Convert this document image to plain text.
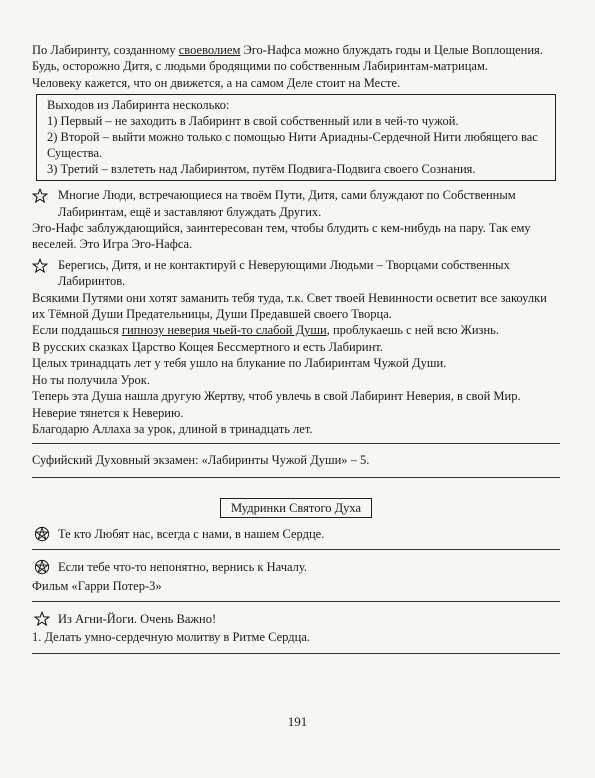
По Лабиринту, созданному своеволием Эго-Нафса можно блуждать годы и Целые Воплощения.

Будь, осторожно Дитя, с людьми бродящими по собственным Лабиринтам-матрицам.

Человеку кажется, что он движется, а на самом Деле стоит на Месте.

Выходов из Лабиринта несколько:

1) Первый – не заходить в Лабиринт в свой собственный или в чей-то чужой.

2) Второй – выйти можно только с помощью Нити Ариадны-Сердечной Нити любящего вас Существа.

3) Третий – взлететь над Лабиринтом, путём Подвига-Подвига своего Сознания.

Многие Люди, встречающиеся на твоём Пути, Дитя, сами блуждают по Собственным Лабиринтам, ещё и заставляют блуждать Других.

Эго-Нафс заблуждающийся, заинтересован тем, чтобы блудить с кем-нибудь на пару. Так ему веселей. Это Игра Эго-Нафса.

Берегись, Дитя, и не контактируй с Неверующими Людьми – Творцами собственных Лабиринтов.

Всякими Путями они хотят заманить тебя туда, т.к. Свет твоей Невинности осветит все закоулки их Тёмной Души Предательницы, Души Предавшей своего Творца.

Если поддашься гипнозу неверия чьей-то слабой Души, проблукаешь с ней всю Жизнь.

В русских сказках Царство Кощея Бессмертного и есть Лабиринт.

Целых тринадцать лет у тебя ушло на блукание по Лабиринтам Чужой Души.

Но ты получила Урок.

Теперь эта Душа нашла другую Жертву, чтоб увлечь в свой Лабиринт Неверия, в свой Мир. Неверие тянется к Неверию.

Благодарю Аллаха за урок, длиной в тринадцать лет.

Суфийский Духовный экзамен: «Лабиринты Чужой Души» – 5.

Мудринки Святого Духа

Те кто Любят нас, всегда с нами, в нашем Сердце.

Если тебе что-то непонятно, вернись к Началу.

Фильм «Гарри Потер-3»

Из Агни-Йоги. Очень Важно!

1. Делать умно-сердечную молитву в Ритме Сердца.

191
